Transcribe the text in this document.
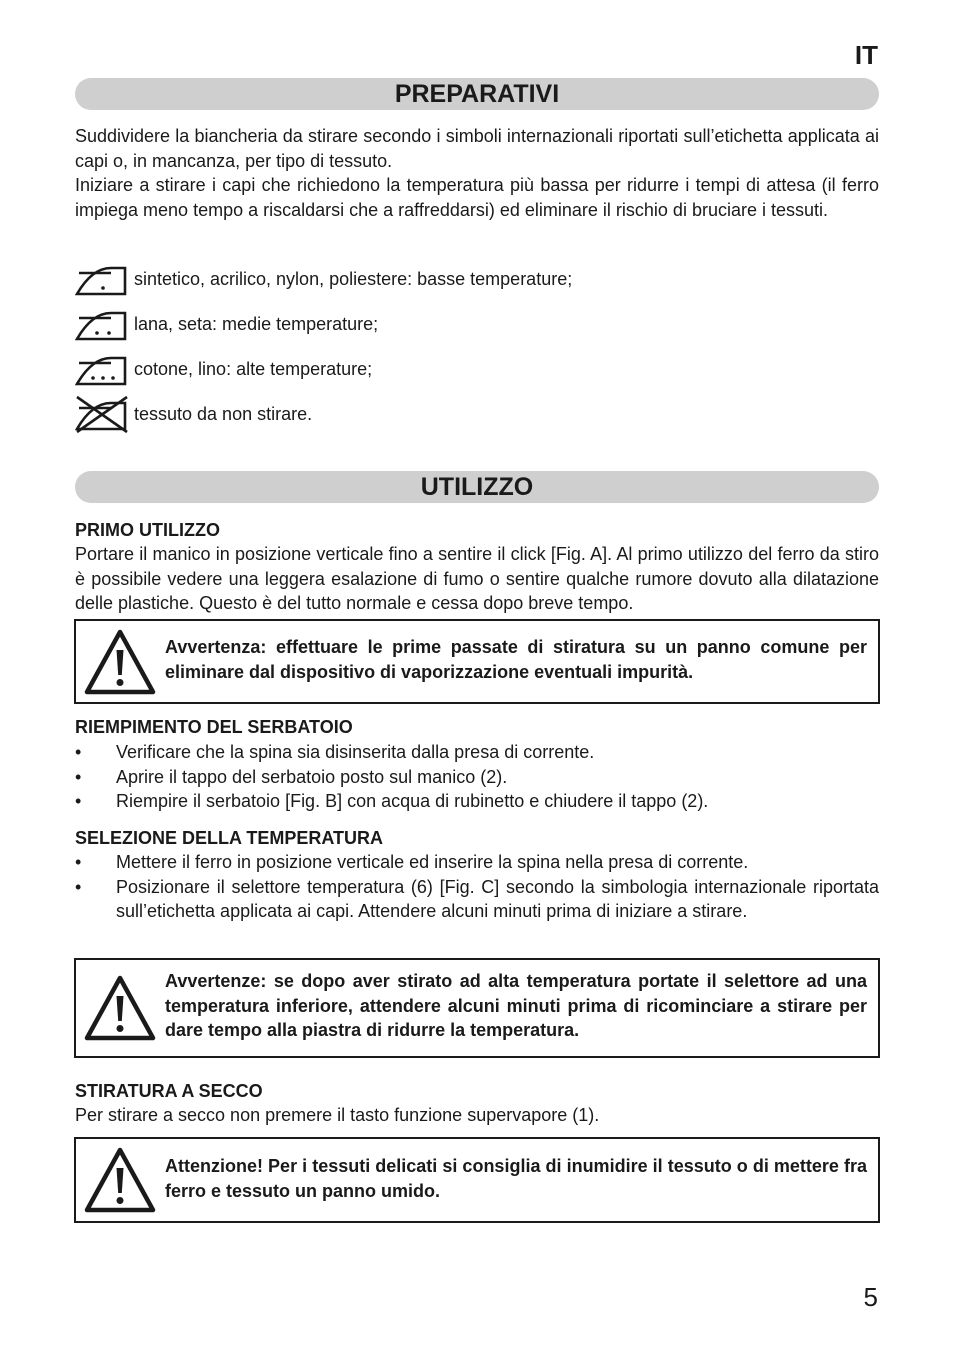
IT
PREPARATIVI
Suddividere la biancheria da stirare secondo i simboli internazionali riportati sull’etichetta applicata ai capi o, in mancanza, per tipo di tessuto.
Iniziare a stirare i capi che richiedono la temperatura più bassa per ridurre i tempi di attesa (il ferro impiega meno tempo a riscaldarsi che a raffreddarsi) ed eliminare il rischio di bruciare i tessuti.
sintetico, acrilico, nylon, poliestere: basse temperature;
lana, seta: medie temperature;
cotone, lino: alte temperature;
tessuto da non stirare.
UTILIZZO
PRIMO UTILIZZO

Portare il manico in posizione verticale fino a sentire il click [Fig. A]. Al primo utilizzo del ferro da stiro è possibile vedere una leggera esalazione di fumo o sentire qualche rumore dovuto alla dilatazione delle plastiche. Questo è del tutto normale e cessa dopo breve tempo.

Avvertenza: effettuare le prime passate di stiratura su un panno comune per eliminare dal dispositivo di vaporizzazione eventuali impurità.
RIEMPIMENTO DEL SERBATOIO
• Verificare che la spina sia disinserita dalla presa di corrente.
• Aprire il tappo del serbatoio posto sul manico (2).
• Riempire il serbatoio [Fig. B] con acqua di rubinetto e chiudere il tappo (2).
SELEZIONE DELLA TEMPERATURA
• Mettere il ferro in posizione verticale ed inserire la spina nella presa di corrente.
• Posizionare il selettore temperatura (6) [Fig. C] secondo la simbologia internazionale riportata sull’etichetta applicata ai capi. Attendere alcuni minuti prima di iniziare a stirare.
Avvertenze: se dopo aver stirato ad alta temperatura portate il selettore ad una temperatura inferiore, attendere alcuni minuti prima di ricominciare a stirare per dare tempo alla piastra di ridurre la temperatura.
STIRATURA A SECCO

Per stirare a secco non premere il tasto funzione supervapore (1).

Attenzione! Per i tessuti delicati si consiglia di inumidire il tessuto o di mettere fra ferro e tessuto un panno umido.
5
